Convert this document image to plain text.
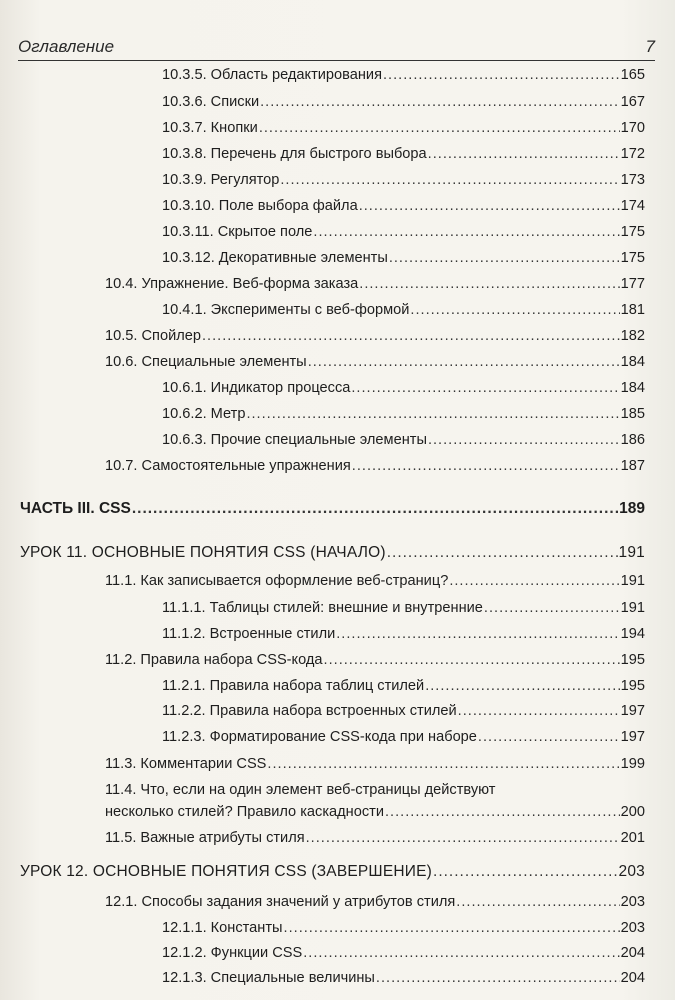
Оглавление	7
10.3.5. Область редактирования .....	165
10.3.6. Списки .....	167
10.3.7. Кнопки .....	170
10.3.8. Перечень для быстрого выбора .....	172
10.3.9. Регулятор .....	173
10.3.10. Поле выбора файла .....	174
10.3.11. Скрытое поле .....	175
10.3.12. Декоративные элементы .....	175
10.4. Упражнение. Веб-форма заказа .....	177
10.4.1. Эксперименты с веб-формой .....	181
10.5. Спойлер .....	182
10.6. Специальные элементы .....	184
10.6.1. Индикатор процесса .....	184
10.6.2. Метр .....	185
10.6.3. Прочие специальные элементы .....	186
10.7. Самостоятельные упражнения .....	187
ЧАСТЬ III. CSS .....	189
УРОК 11. ОСНОВНЫЕ ПОНЯТИЯ CSS (НАЧАЛО) .....	191
11.1. Как записывается оформление веб-страниц? .....	191
11.1.1. Таблицы стилей: внешние и внутренние .....	191
11.1.2. Встроенные стили .....	194
11.2. Правила набора CSS-кода .....	195
11.2.1. Правила набора таблиц стилей .....	195
11.2.2. Правила набора встроенных стилей .....	197
11.2.3. Форматирование CSS-кода при наборе .....	197
11.3. Комментарии CSS .....	199
11.4. Что, если на один элемент веб-страницы действуют
несколько стилей? Правило каскадности .....	200
11.5. Важные атрибуты стиля .....	201
УРОК 12. ОСНОВНЫЕ ПОНЯТИЯ CSS (ЗАВЕРШЕНИЕ) .....	203
12.1. Способы задания значений у атрибутов стиля .....	203
12.1.1. Константы .....	203
12.1.2. Функции CSS .....	204
12.1.3. Специальные величины .....	204
